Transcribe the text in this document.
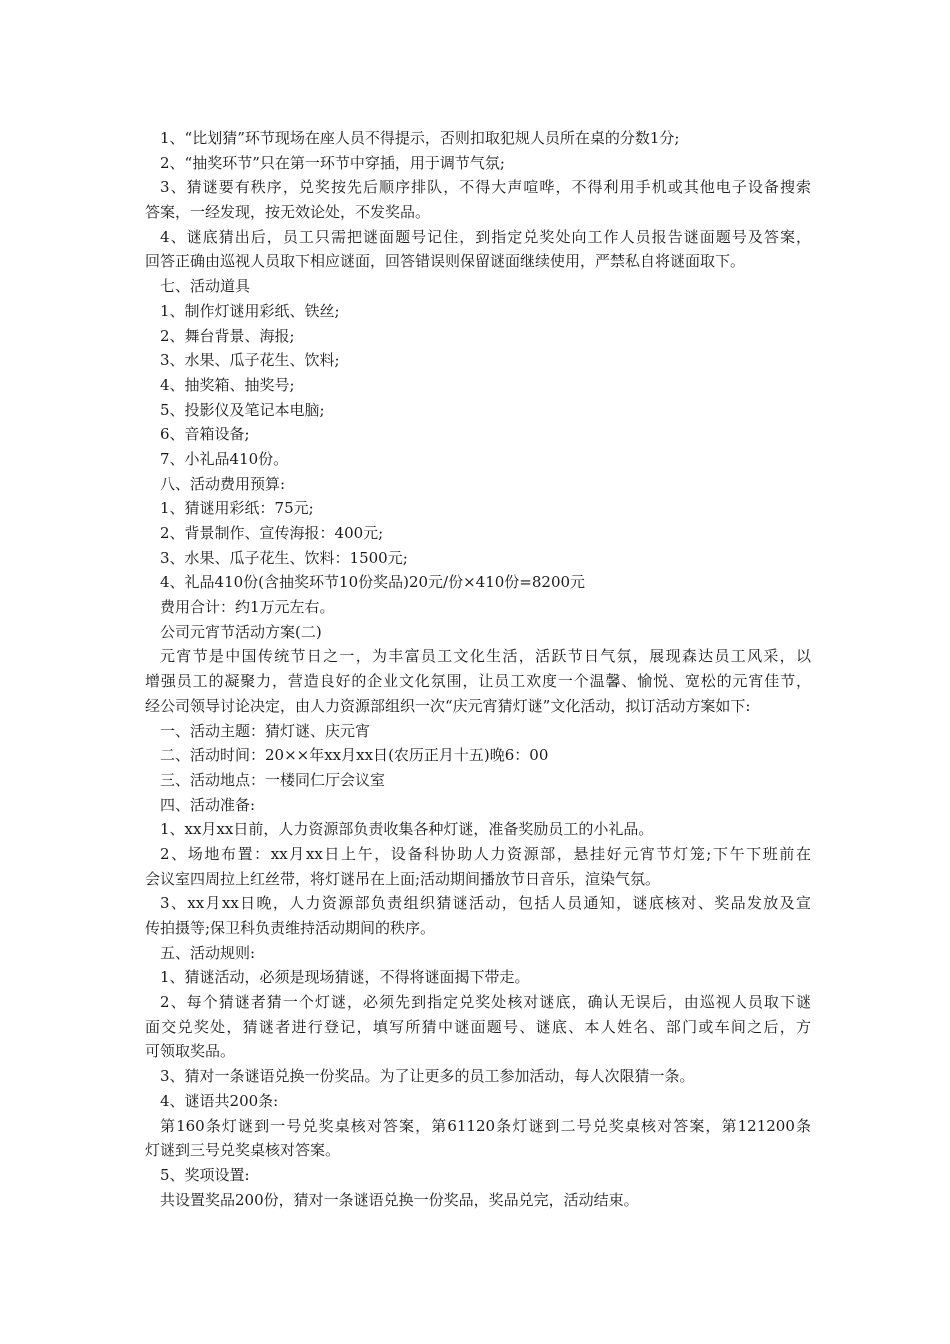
1、“比划猜”环节现场在座人员不得提示，否则扣取犯规人员所在桌的分数1分;
2、“抽奖环节”只在第一环节中穿插，用于调节气氛;
3、猜谜要有秩序，兑奖按先后顺序排队，不得大声喧哗，不得利用手机或其他电子设备搜索
答案，一经发现，按无效论处，不发奖品。
4、谜底猜出后，员工只需把谜面题号记住，到指定兑奖处向工作人员报告谜面题号及答案，
回答正确由巡视人员取下相应谜面，回答错误则保留谜面继续使用，严禁私自将谜面取下。
七、活动道具
1、制作灯谜用彩纸、铁丝;
2、舞台背景、海报;
3、水果、瓜子花生、饮料;
4、抽奖箱、抽奖号;
5、投影仪及笔记本电脑;
6、音箱设备;
7、小礼品410份。
八、活动费用预算:
1、猜谜用彩纸：75元;
2、背景制作、宣传海报：400元;
3、水果、瓜子花生、饮料：1500元;
4、礼品410份(含抽奖环节10份奖品)20元/份×410份=8200元
费用合计：约1万元左右。
公司元宵节活动方案(二)
元宵节是中国传统节日之一，为丰富员工文化生活，活跃节日气氛，展现森达员工风采，以
增强员工的凝聚力，营造良好的企业文化氛围，让员工欢度一个温馨、愉悦、宽松的元宵佳节，
经公司领导讨论决定，由人力资源部组织一次“庆元宵猜灯谜”文化活动，拟订活动方案如下:
一、活动主题：猜灯谜、庆元宵
二、活动时间：20××年xx月xx日(农历正月十五)晚6：00
三、活动地点：一楼同仁厅会议室
四、活动准备:
1、xx月xx日前，人力资源部负责收集各种灯谜，准备奖励员工的小礼品。
2、场地布置：xx月xx日上午，设备科协助人力资源部，悬挂好元宵节灯笼;下午下班前在
会议室四周拉上红丝带，将灯谜吊在上面;活动期间播放节日音乐，渲染气氛。
3、xx月xx日晚，人力资源部负责组织猜谜活动，包括人员通知，谜底核对、奖品发放及宣
传拍摄等;保卫科负责维持活动期间的秩序。
五、活动规则:
1、猜谜活动，必须是现场猜谜，不得将谜面揭下带走。
2、每个猜谜者猜一个灯谜，必须先到指定兑奖处核对谜底，确认无误后，由巡视人员取下谜
面交兑奖处，猜谜者进行登记，填写所猜中谜面题号、谜底、本人姓名、部门或车间之后，方
可领取奖品。
3、猜对一条谜语兑换一份奖品。为了让更多的员工参加活动，每人次限猜一条。
4、谜语共200条:
第160条灯谜到一号兑奖桌核对答案，第61120条灯谜到二号兑奖桌核对答案，第121200条
灯谜到三号兑奖桌核对答案。
5、奖项设置:
共设置奖品200份，猜对一条谜语兑换一份奖品，奖品兑完，活动结束。
